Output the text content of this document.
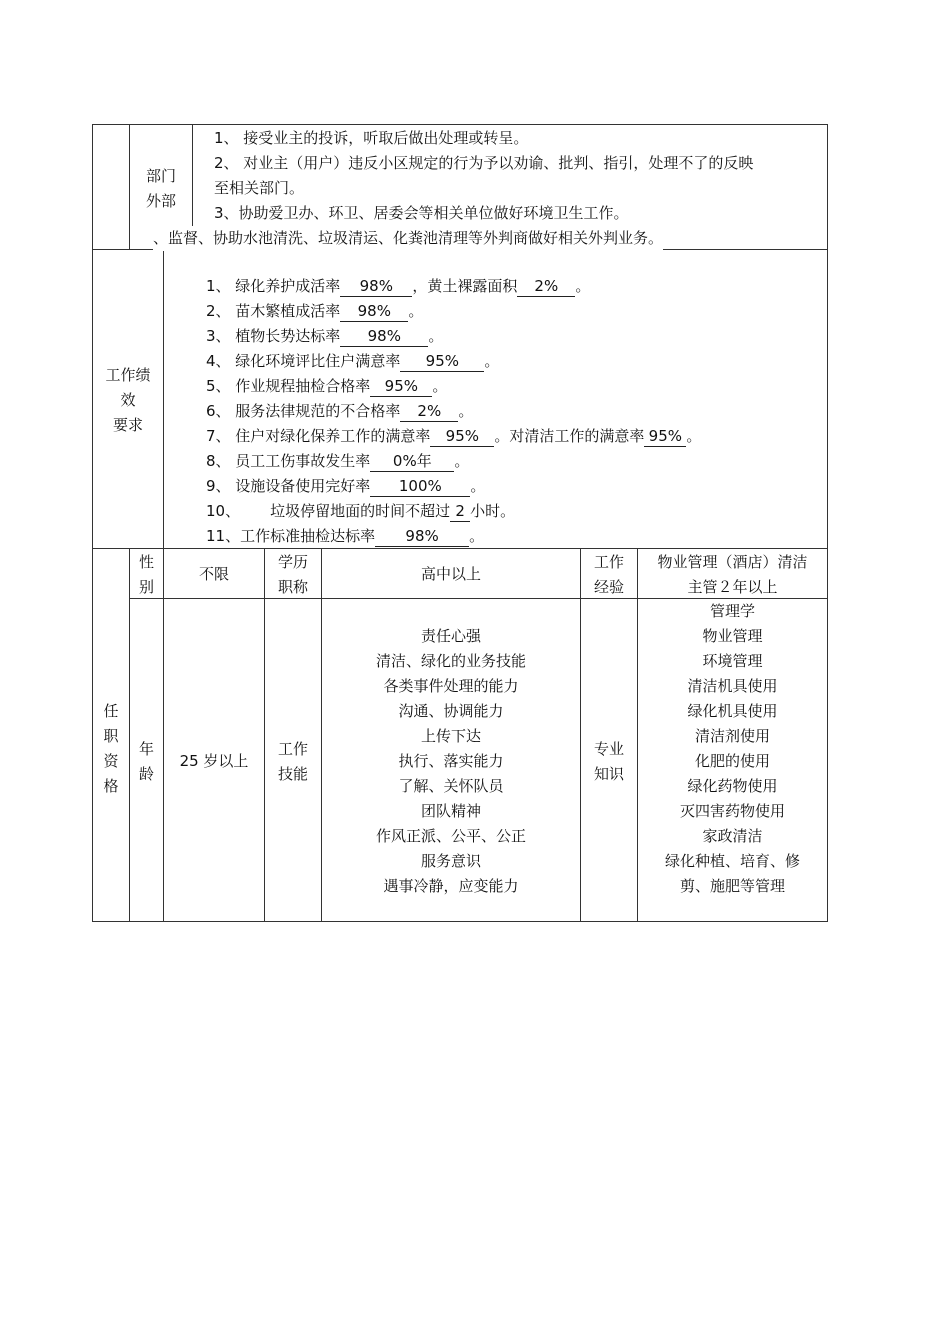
部门
外部
1、 接受业主的投诉，听取后做出处理或转呈。
2、 对业主（用户）违反小区规定的行为予以劝谕、批判、指引，处理不了的反映
至相关部门。
3、协助爱卫办、环卫、居委会等相关单位做好环境卫生工作。
、监督、协助水池清洗、垃圾清运、化粪池清理等外判商做好相关外判业务。
工作绩
效
要求
1、 绿化养护成活率 98% ，黄土裸露面积 2% 。
2、 苗木繁植成活率 98% 。
3、 植物长势达标率 98% 。
4、 绿化环境评比住户满意率 95% 。
5、 作业规程抽检合格率 95% 。
6、 服务法律规范的不合格率 2% 。
7、 住户对绿化保养工作的满意率 95% 。对清洁工作的满意率 95% 。
8、 员工工伤事故发生率 0%年 。
9、 设施设备使用完好率 100% 。
10、 垃圾停留地面的时间不超过 2 小时。
11、工作标准抽检达标率 98% 。
任
职
资
格
性
别
不限
学历
职称
高中以上
工作
经验
物业管理（酒店）清洁
主管２年以上
年
龄
25 岁以上
工作
技能
责任心强
清洁、绿化的业务技能
各类事件处理的能力
沟通、协调能力
上传下达
执行、落实能力
了解、关怀队员
团队精神
作风正派、公平、公正
服务意识
遇事冷静，应变能力
专业
知识
管理学
物业管理
环境管理
清洁机具使用
绿化机具使用
清洁剂使用
化肥的使用
绿化药物使用
灭四害药物使用
家政清洁
绿化种植、培育、修
剪、施肥等管理
